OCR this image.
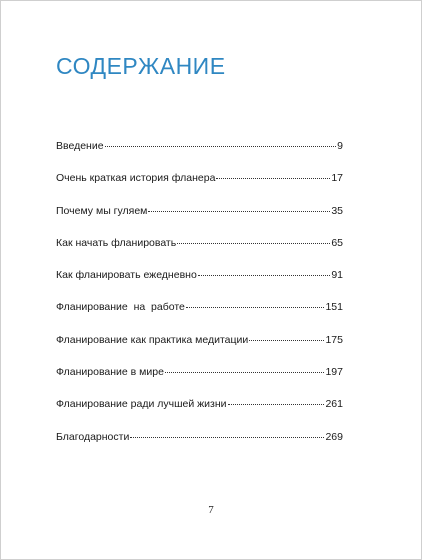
СОДЕРЖАНИЕ
Введение	9
Очень краткая история фланера	17
Почему мы гуляем	35
Как начать фланировать	65
Как фланировать ежедневно	91
Фланирование  на  работе	151
Фланирование как практика медитации	175
Фланирование в мире	197
Фланирование ради лучшей жизни	261
Благодарности	269
7
